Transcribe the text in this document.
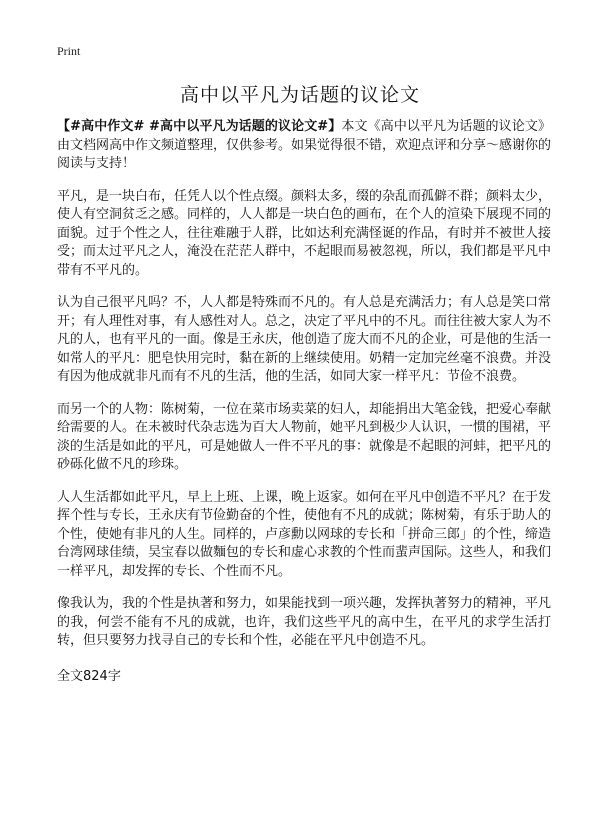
Print
高中以平凡为话题的议论文

【#高中作文# #高中以平凡为话题的议论文#】本文《高中以平凡为话题的议论文》由文档网高中作文频道整理，仅供参考。如果觉得很不错，欢迎点评和分享～感谢你的阅读与支持！

平凡，是一块白布，任凭人以个性点缀。颜料太多，缀的杂乱而孤僻不群；颜料太少，使人有空洞贫乏之感。同样的，人人都是一块白色的画布，在个人的渲染下展现不同的面貌。过于个性之人，往往难融于人群，比如达利充满怪诞的作品，有时并不被世人接受；而太过平凡之人，淹没在茫茫人群中，不起眼而易被忽视，所以，我们都是平凡中带有不平凡的。

认为自己很平凡吗？不，人人都是特殊而不凡的。有人总是充满活力；有人总是笑口常开；有人理性对事，有人感性对人。总之，决定了平凡中的不凡。而往往被大家人为不凡的人，也有平凡的一面。像是王永庆，他创造了庞大而不凡的企业，可是他的生活一如常人的平凡：肥皂快用完时，黏在新的上继续使用。奶精一定加完丝毫不浪费。并没有因为他成就非凡而有不凡的生活，他的生活，如同大家一样平凡：节俭不浪费。

而另一个的人物：陈树菊，一位在菜市场卖菜的妇人，却能捐出大笔金钱，把爱心奉献给需要的人。在未被时代杂志选为百大人物前，她平凡到极少人认识，一惯的围裙，平淡的生活是如此的平凡，可是她做人一件不平凡的事：就像是不起眼的河蚌，把平凡的砂砾化做不凡的珍珠。

人人生活都如此平凡，早上上班、上课，晚上返家。如何在平凡中创造不平凡？在于发挥个性与专长，王永庆有节俭勤奋的个性，使他有不凡的成就；陈树菊，有乐于助人的个性，使她有非凡的人生。同样的，卢彦勳以网球的专长和「拼命三郎」的个性，缔造台湾网球佳绩，吴宝春以做麵包的专长和虚心求教的个性而蜚声国际。这些人，和我们一样平凡，却发挥的专长、个性而不凡。

像我认为，我的个性是执著和努力，如果能找到一项兴趣，发挥执著努力的精神，平凡的我，何尝不能有不凡的成就，也许，我们这些平凡的高中生，在平凡的求学生活打转，但只要努力找寻自己的专长和个性，必能在平凡中创造不凡。

全文824字
